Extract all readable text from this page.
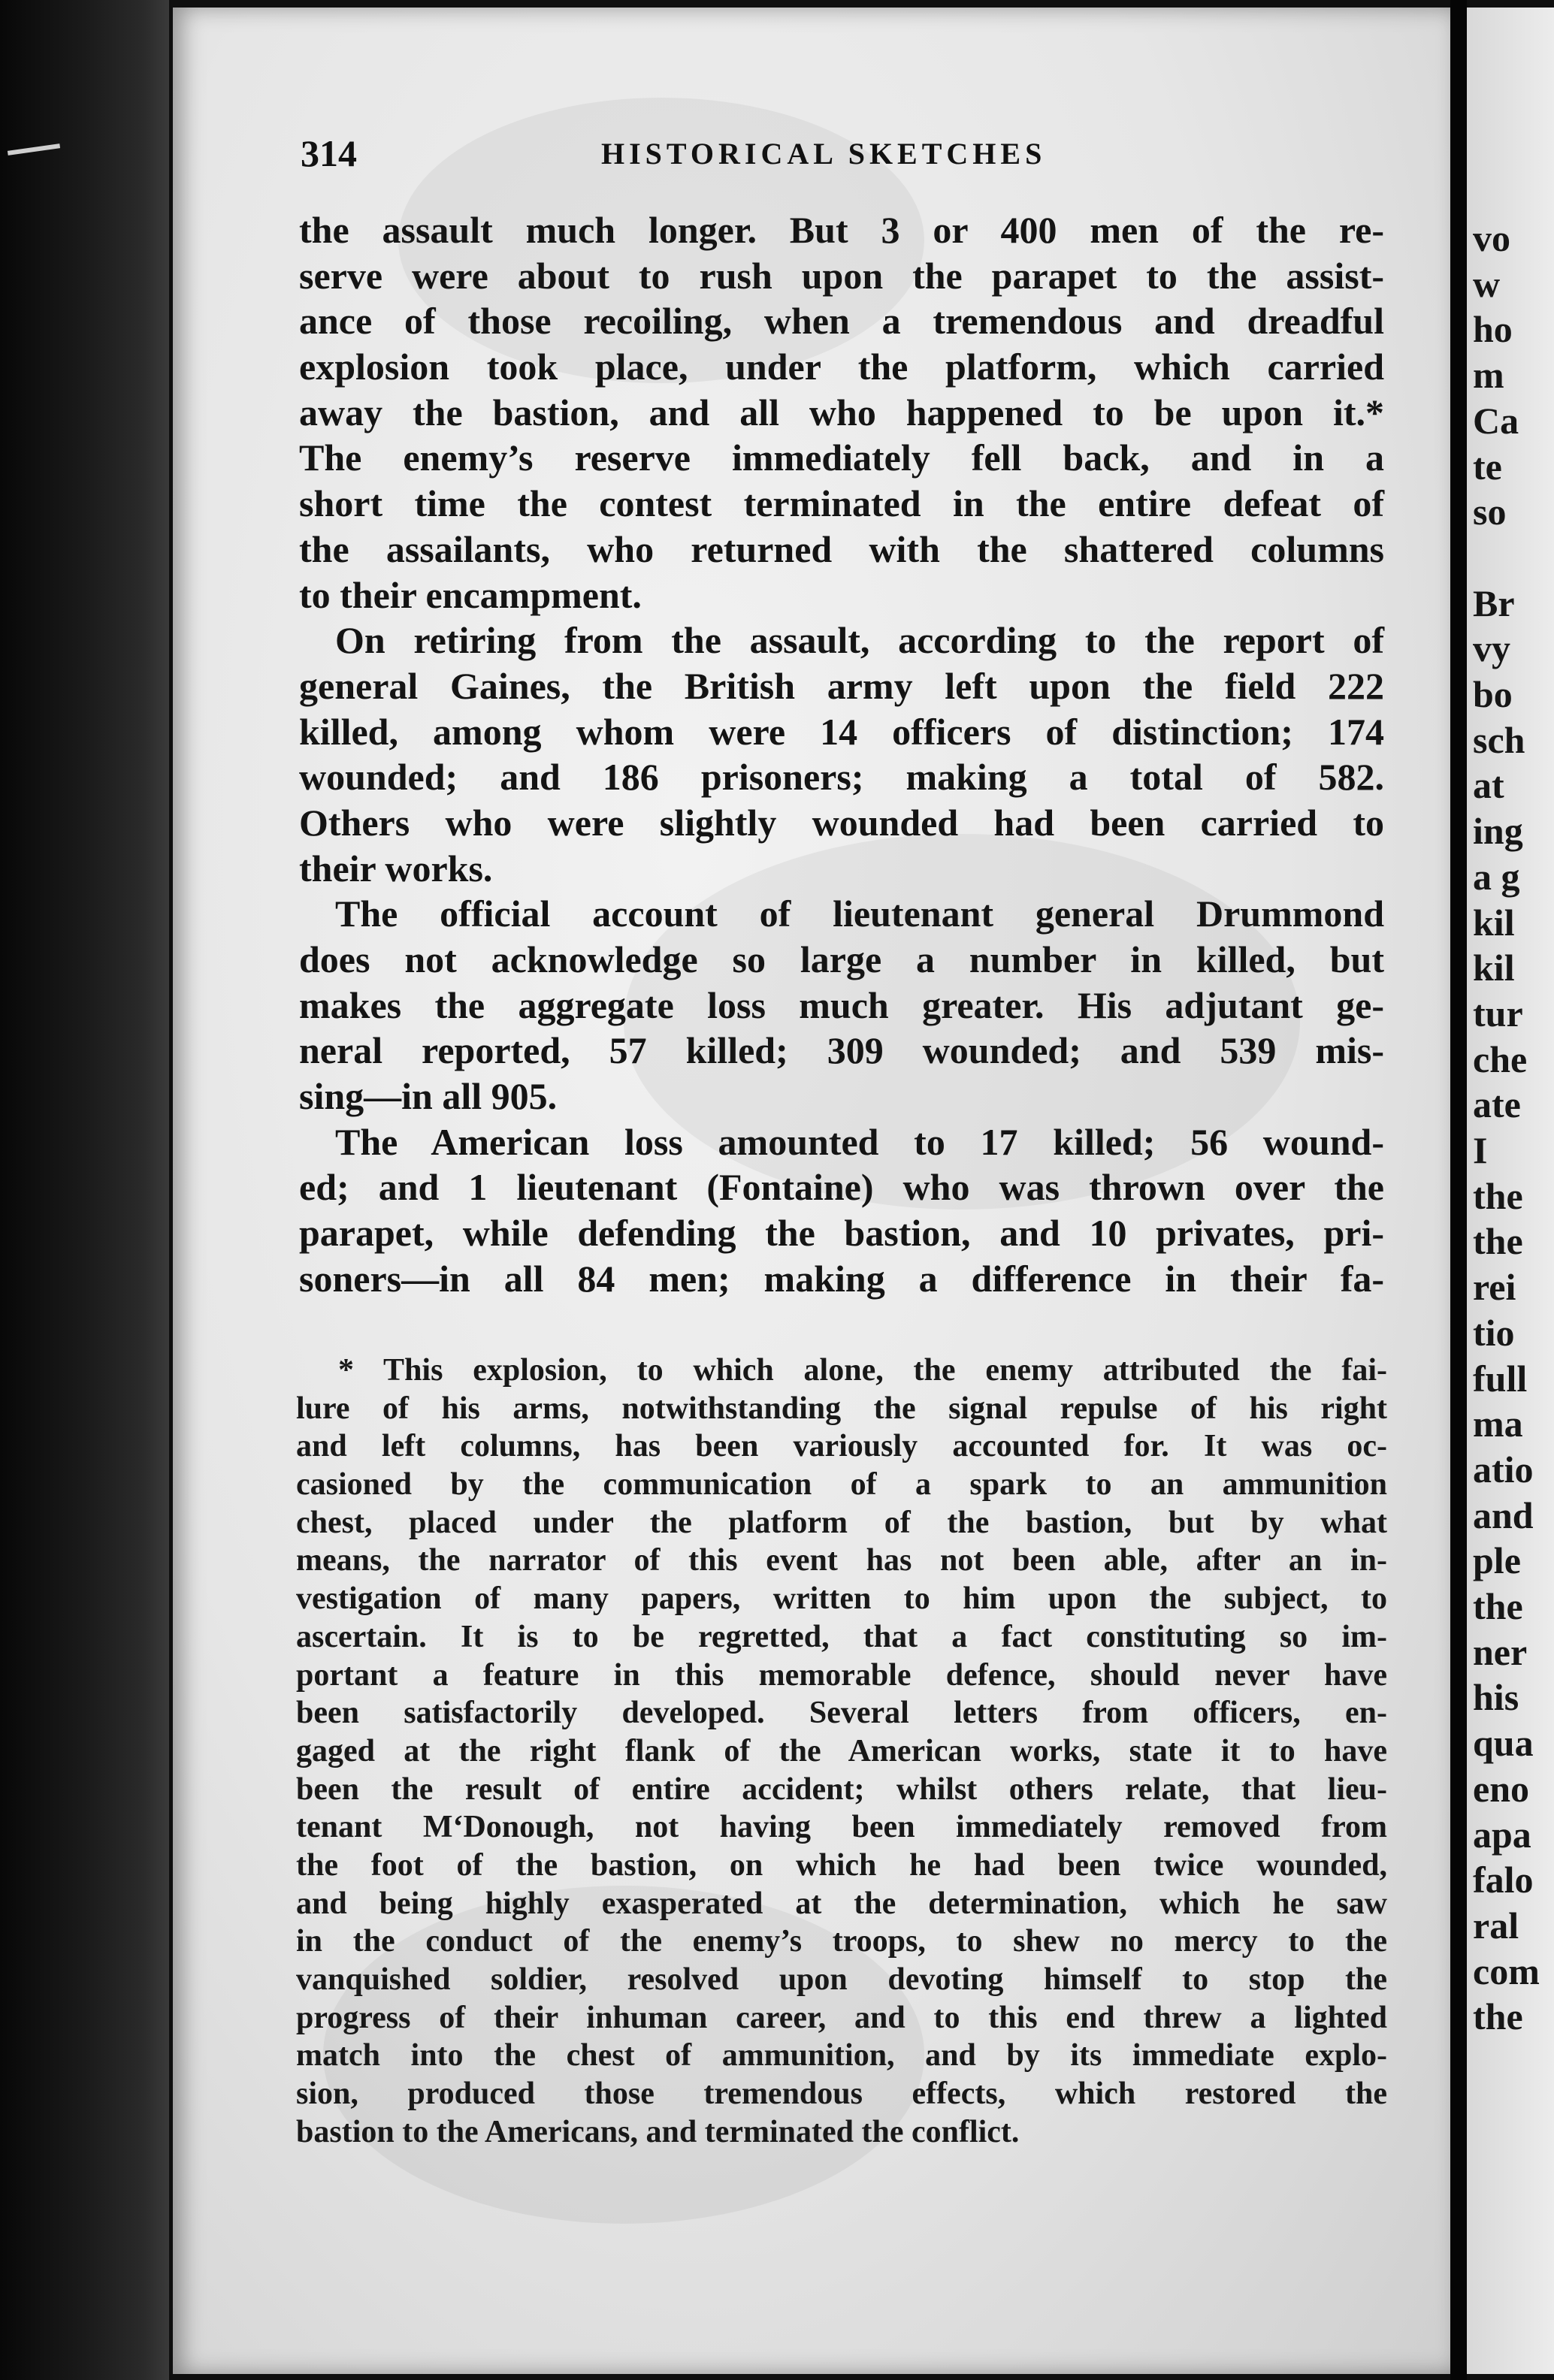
314	HISTORICAL SKETCHES
the assault much longer. But 3 or 400 men of the re-
serve were about to rush upon the parapet to the assist-
ance of those recoiling, when a tremendous and dreadful
explosion took place, under the platform, which carried
away the bastion, and all who happened to be upon it.*
The enemy’s reserve immediately fell back, and in a
short time the contest terminated in the entire defeat of
the assailants, who returned with the shattered columns
to their encampment.
On retiring from the assault, according to the report of
general Gaines, the British army left upon the field 222
killed, among whom were 14 officers of distinction; 174
wounded; and 186 prisoners; making a total of 582.
Others who were slightly wounded had been carried to
their works.
The official account of lieutenant general Drummond
does not acknowledge so large a number in killed, but
makes the aggregate loss much greater. His adjutant ge-
neral reported, 57 killed; 309 wounded; and 539 mis-
sing—in all 905.
The American loss amounted to 17 killed; 56 wound-
ed; and 1 lieutenant (Fontaine) who was thrown over the
parapet, while defending the bastion, and 10 privates, pri-
soners—in all 84 men; making a difference in their fa-
* This explosion, to which alone, the enemy attributed the fai-
lure of his arms, notwithstanding the signal repulse of his right
and left columns, has been variously accounted for. It was oc-
casioned by the communication of a spark to an ammunition
chest, placed under the platform of the bastion, but by what
means, the narrator of this event has not been able, after an in-
vestigation of many papers, written to him upon the subject, to
ascertain. It is to be regretted, that a fact constituting so im-
portant a feature in this memorable defence, should never have
been satisfactorily developed. Several letters from officers, en-
gaged at the right flank of the American works, state it to have
been the result of entire accident; whilst others relate, that lieu-
tenant M‘Donough, not having been immediately removed from
the foot of the bastion, on which he had been twice wounded,
and being highly exasperated at the determination, which he saw
in the conduct of the enemy’s troops, to shew no mercy to the
vanquished soldier, resolved upon devoting himself to stop the
progress of their inhuman career, and to this end threw a lighted
match into the chest of ammunition, and by its immediate explo-
sion, produced those tremendous effects, which restored the
bastion to the Americans, and terminated the conflict.
vo
w
ho
m
Ca
te
so
Br
vy
bo
sch
at
ing
a g
kil
kil
tur
che
ate
I
the
the
rei
tio
full
ma
atio
and
ple
the
ner
his
qua
eno
apa
falo
ral
com
the
